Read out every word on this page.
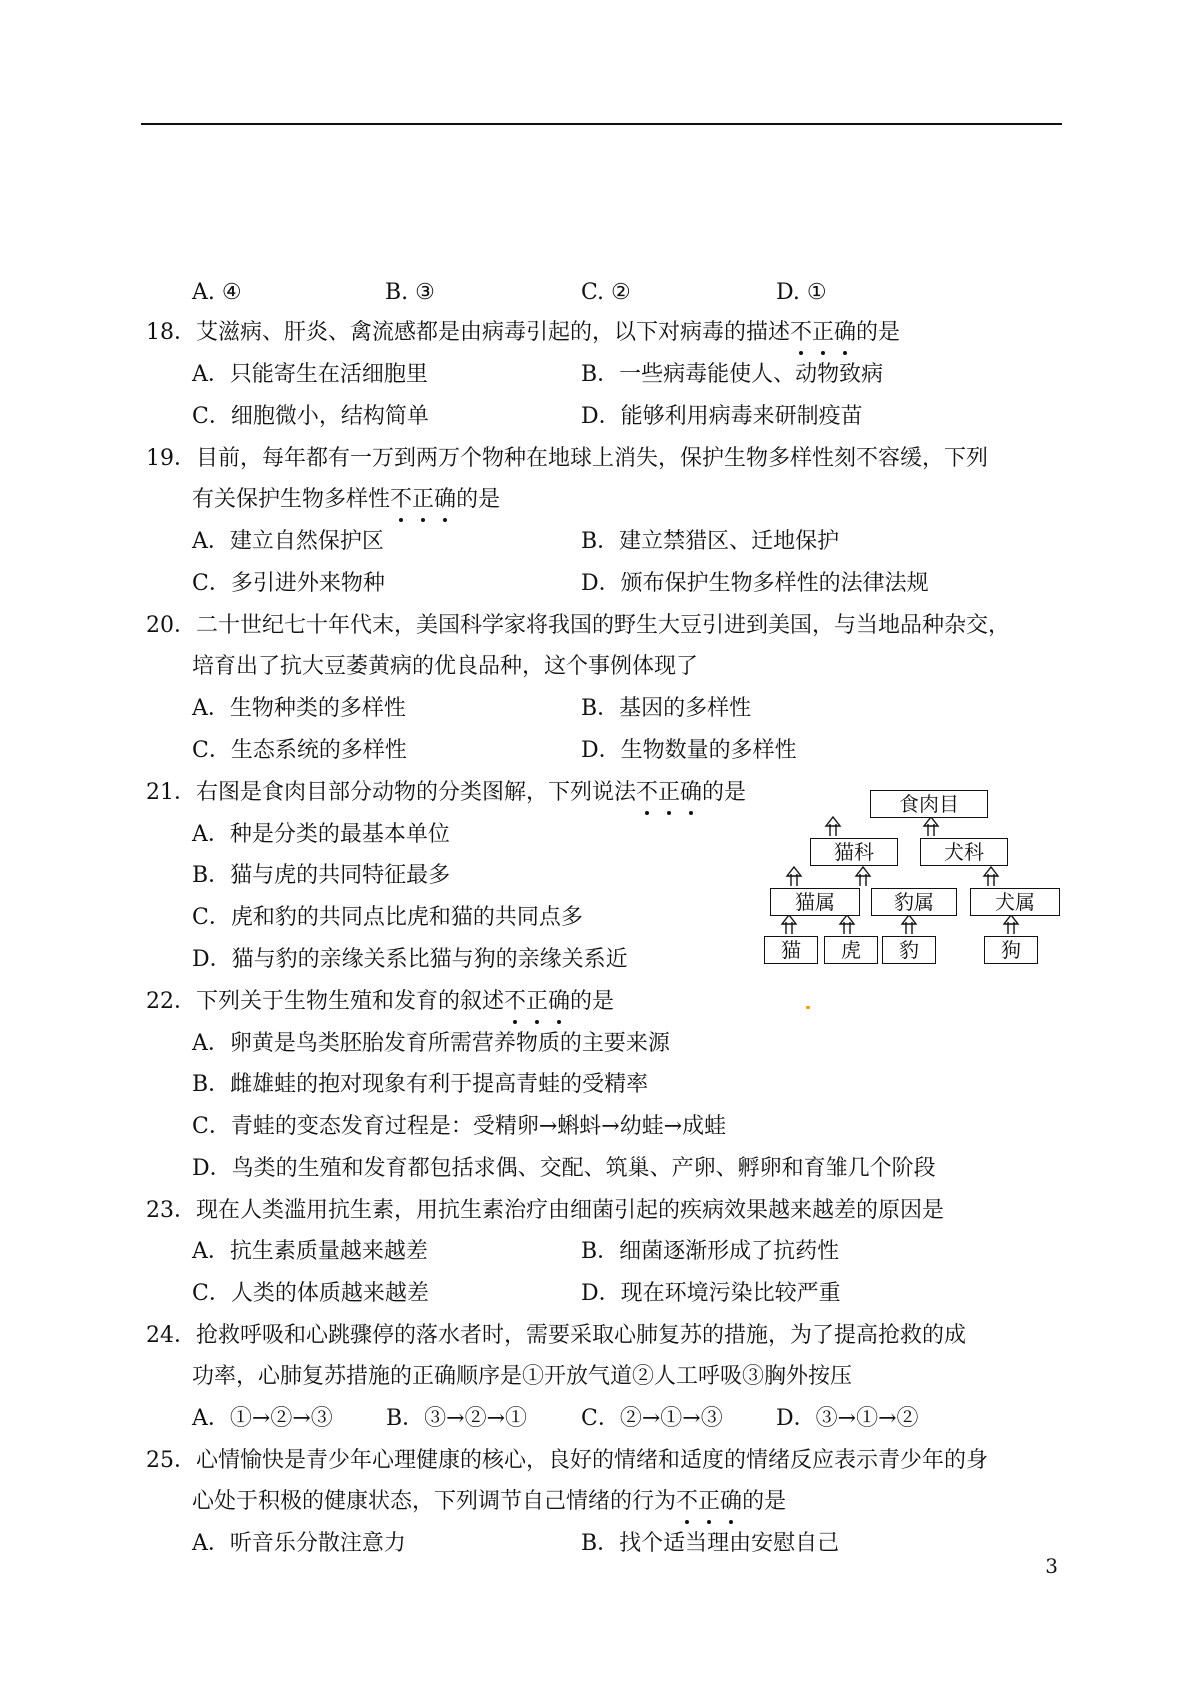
A. ④	B. ③	C. ②	D. ①
18．艾滋病、肝炎、禽流感都是由病毒引起的，以下对病毒的描述不正确的是
A．只能寄生在活细胞里	B．一些病毒能使人、动物致病
C．细胞微小，结构简单	D．能够利用病毒来研制疫苗
19．目前，每年都有一万到两万个物种在地球上消失，保护生物多样性刻不容缓，下列
有关保护生物多样性不正确的是
A．建立自然保护区	B．建立禁猎区、迁地保护
C．多引进外来物种	D．颁布保护生物多样性的法律法规
20．二十世纪七十年代末，美国科学家将我国的野生大豆引进到美国，与当地品种杂交，
培育出了抗大豆萎黄病的优良品种，这个事例体现了
A．生物种类的多样性	B．基因的多样性
C．生态系统的多样性	D．生物数量的多样性
21．右图是食肉目部分动物的分类图解，下列说法不正确的是
A．种是分类的最基本单位
B．猫与虎的共同特征最多
C．虎和豹的共同点比虎和猫的共同点多
D．猫与豹的亲缘关系比猫与狗的亲缘关系近
食肉目
猫科	犬科
猫属	豹属	犬属
猫	虎	豹	狗
22．下列关于生物生殖和发育的叙述不正确的是
A．卵黄是鸟类胚胎发育所需营养物质的主要来源
B．雌雄蛙的抱对现象有利于提高青蛙的受精率
C．青蛙的变态发育过程是：受精卵→蝌蚪→幼蛙→成蛙
D．鸟类的生殖和发育都包括求偶、交配、筑巢、产卵、孵卵和育雏几个阶段
23．现在人类滥用抗生素，用抗生素治疗由细菌引起的疾病效果越来越差的原因是
A．抗生素质量越来越差	B．细菌逐渐形成了抗药性
C．人类的体质越来越差	D．现在环境污染比较严重
24．抢救呼吸和心跳骤停的落水者时，需要采取心肺复苏的措施，为了提高抢救的成
功率，心肺复苏措施的正确顺序是①开放气道②人工呼吸③胸外按压
A．①→②→③ B．③→②→① C．②→①→③ D．③→①→②
25．心情愉快是青少年心理健康的核心，良好的情绪和适度的情绪反应表示青少年的身
心处于积极的健康状态，下列调节自己情绪的行为不正确的是
A．听音乐分散注意力	B．找个适当理由安慰自己
3
